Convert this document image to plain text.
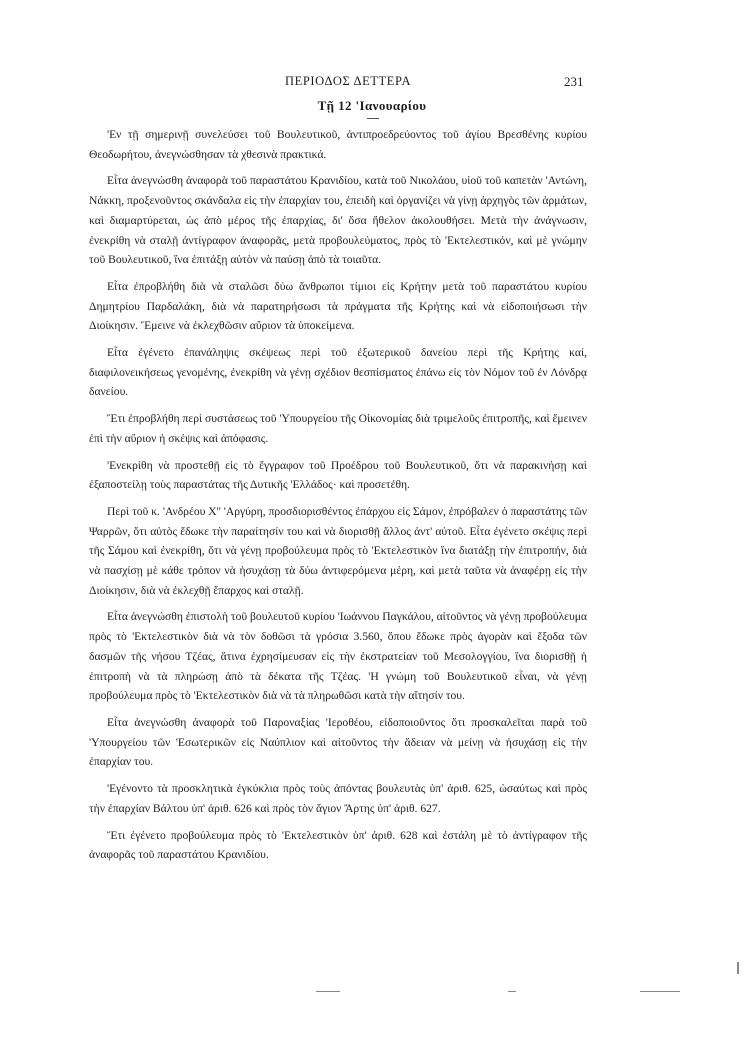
ΠΕΡΙΟΔΟΣ ΔΕΤΤΕΡΑ	231
Τῇ 12 'Ιανουαρίου

'Εν τῇ σημερινῇ συνελεύσει τοῦ Βουλευτικοῦ, ἀντιπροεδρεύοντος τοῦ ἁγίου Βρεσθένης κυρίου Θεοδωρήτου, ἀνεγνώσθησαν τὰ χθεσινὰ πρακτικά.

Εἶτα ἀνεγνώσθη ἀναφορὰ τοῦ παραστάτου Κρανιδίου, κατὰ τοῦ Νικολάου, υἱοῦ τοῦ καπετὰν 'Αντώνη, Νάκκη, προξενοῦντος σκάνδαλα εἰς τὴν ἐπαρχίαν του, ἐπειδὴ καὶ ὀργανίζει νὰ γίνῃ ἀρχηγὸς τῶν ἁρμάτων, καὶ διαμαρτύρεται, ὡς ἀπὸ μέρος τῆς ἐπαρχίας, δι' ὅσα ἤθελον ἀκολουθήσει. Μετὰ τὴν ἀνάγνωσιν, ἐνεκρίθη νὰ σταλῇ ἀντίγραφον ἀναφορᾶς, μετὰ προβουλεύματος, πρὸς τὸ 'Εκτελεστικόν, καὶ μὲ γνώμην τοῦ Βουλευτικοῦ, ἵνα ἐπιτάξῃ αὐτὸν νὰ παύσῃ ἀπὸ τὰ τοιαῦτα.

Εἶτα ἐπροβλήθη διὰ νὰ σταλῶσι δύω ἄνθρωποι τίμιοι εἰς Κρήτην μετὰ τοῦ παραστάτου κυρίου Δημητρίου Παρδαλάκη, διὰ νὰ παρατηρήσωσι τὰ πράγματα τῆς Κρήτης καὶ νὰ εἰδοποιήσωσι τὴν Διοίκησιν. Ἔμεινε νὰ ἐκλεχθῶσιν αὔριον τὰ ὑποκείμενα.

Εἶτα ἐγένετο ἐπανάληψις σκέψεως περὶ τοῦ ἐξωτερικοῦ δανείου περὶ τῆς Κρήτης καί, διαφιλονεικήσεως γενομένης, ἐνεκρίθη νὰ γένῃ σχέδιον θεσπίσματος ἐπάνω εἰς τὸν Νόμον τοῦ ἐν Λόνδρᾳ δανείου.

Ἔτι ἐπροβλήθη περὶ συστάσεως τοῦ 'Υπουργείου τῆς Οἰκονομίας διὰ τριμελοῦς ἐπιτροπῆς, καὶ ἔμεινεν ἐπὶ τὴν αὔριον ἡ σκέψις καὶ ἀπόφασις.

'Ενεκρίθη νὰ προστεθῇ εἰς τὸ ἔγγραφον τοῦ Προέδρου τοῦ Βουλευτικοῦ, ὅτι νὰ παρακινήσῃ καὶ ἐξαποστείλῃ τοὺς παραστάτας τῆς Δυτικῆς 'Ελλάδος· καὶ προσετέθη.

Περὶ τοῦ κ. 'Ανδρέου Χ'' 'Αργύρη, προσδιορισθέντος ἐπάρχου εἰς Σάμον, ἐπρόβαλεν ὁ παραστάτης τῶν Ψαρρῶν, ὅτι αὐτὸς ἔδωκε τὴν παραίτησίν του καὶ νὰ διορισθῇ ἄλλος ἀντ' αὐτοῦ. Εἶτα ἐγένετο σκέψις περὶ τῆς Σάμου καὶ ἐνεκρίθη, ὅτι νὰ γένῃ προβούλευμα πρὸς τὸ 'Εκτελεστικὸν ἵνα διατάξῃ τὴν ἐπιτροπήν, διὰ νὰ πασχίσῃ μὲ κάθε τρόπον νὰ ἡσυχάσῃ τὰ δύω ἀντιφερόμενα μέρη, καὶ μετὰ ταῦτα νὰ ἀναφέρῃ εἰς τὴν Διοίκησιν, διὰ νὰ ἐκλεχθῇ ἔπαρχος καὶ σταλῇ.

Εἶτα ἀνεγνώσθη ἐπιστολὴ τοῦ βουλευτοῦ κυρίου 'Ιωάννου Παγκάλου, αἰτοῦντος νὰ γένῃ προβούλευμα πρὸς τὸ 'Εκτελεστικὸν διὰ νὰ τὸν δοθῶσι τὰ γρόσια 3.560, ὅπου ἔδωκε πρὸς ἀγορὰν καὶ ἔξοδα τῶν δασμῶν τῆς νήσου Τζέας, ἅτινα ἐχρησίμευσαν εἰς τὴν ἐκστρατείαν τοῦ Μεσολογγίου, ἵνα διορισθῇ ἡ ἐπιτροπὴ νὰ τὰ πληρώσῃ ἀπὸ τὰ δέκατα τῆς Τζέας. 'Η γνώμη τοῦ Βουλευτικοῦ εἶναι, νὰ γένῃ προβούλευμα πρὸς τὸ 'Εκτελεστικὸν διὰ νὰ τὰ πληρωθῶσι κατὰ τὴν αἴτησίν του.

Εἶτα ἀνεγνώσθη ἀναφορὰ τοῦ Παροναξίας 'Ιεροθέου, εἰδοποιοῦντος ὅτι προσκαλεῖται παρὰ τοῦ 'Υπουργείου τῶν 'Εσωτερικῶν εἰς Ναύπλιον καὶ αἰτοῦντος τὴν ἄδειαν νὰ μείνῃ νὰ ἡσυχάσῃ εἰς τὴν ἐπαρχίαν του.

'Εγένοντο τὰ προσκλητικὰ ἐγκύκλια πρὸς τοὺς ἀπόντας βουλευτὰς ὑπ' ἀριθ. 625, ὡσαύτως καὶ πρὸς τὴν ἐπαρχίαν Βάλτου ὑπ' ἀριθ. 626 καὶ πρὸς τὸν ἅγιον Ἄρτης ὑπ' ἀριθ. 627.

Ἔτι ἐγένετο προβούλευμα πρὸς τὸ 'Εκτελεστικὸν ὑπ' ἀριθ. 628 καὶ ἐστάλη μὲ τὸ ἀντίγραφον τῆς ἀναφορᾶς τοῦ παραστάτου Κρανιδίου.
